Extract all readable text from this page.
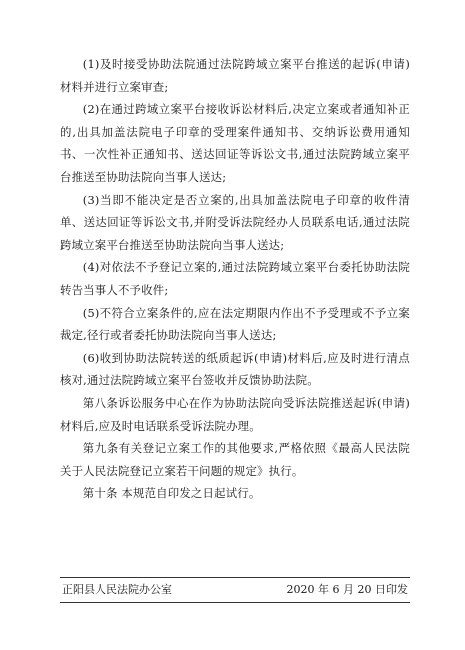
(1)及时接受协助法院通过法院跨域立案平台推送的起诉(申请)材料并进行立案审查;

(2)在通过跨域立案平台接收诉讼材料后,决定立案或者通知补正的,出具加盖法院电子印章的受理案件通知书、交纳诉讼费用通知书、一次性补正通知书、送达回证等诉讼文书,通过法院跨域立案平台推送至协助法院向当事人送达;

(3)当即不能决定是否立案的,出具加盖法院电子印章的收件清单、送达回证等诉讼文书,并附受诉法院经办人员联系电话,通过法院跨域立案平台推送至协助法院向当事人送达;

(4)对依法不予登记立案的,通过法院跨域立案平台委托协助法院转告当事人不予收件;

(5)不符合立案条件的,应在法定期限内作出不予受理或不予立案裁定,径行或者委托协助法院向当事人送达;

(6)收到协助法院转送的纸质起诉(申请)材料后,应及时进行清点核对,通过法院跨域立案平台签收并反馈协助法院。

第八条诉讼服务中心在作为协助法院向受诉法院推送起诉(申请)材料后,应及时电话联系受诉法院办理。

第九条有关登记立案工作的其他要求,严格依照《最高人民法院关于人民法院登记立案若干问题的规定》执行。

第十条 本规范自印发之日起试行。

正阳县人民法院办公室	2020 年 6 月 20 日印发
